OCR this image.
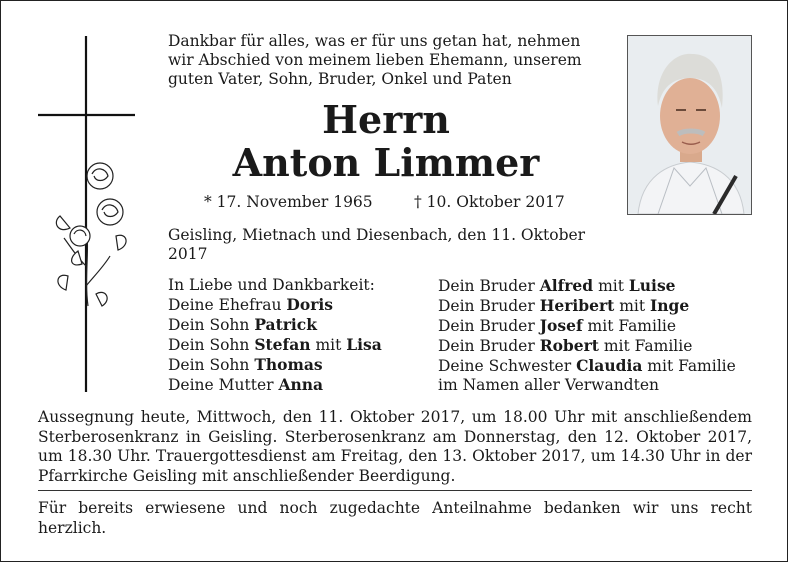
Dankbar für alles, was er für uns getan hat, nehmen wir Abschied von meinem lieben Ehemann, unserem guten Vater, Sohn, Bruder, Onkel und Paten
Herrn
Anton Limmer
* 17. November 1965	† 10. Oktober 2017
Geisling, Mietnach und Diesenbach, den 11. Oktober 2017
In Liebe und Dankbarkeit:
Deine Ehefrau Doris
Dein Sohn Patrick
Dein Sohn Stefan mit Lisa
Dein Sohn Thomas
Deine Mutter Anna
Dein Bruder Alfred mit Luise
Dein Bruder Heribert mit Inge
Dein Bruder Josef mit Familie
Dein Bruder Robert mit Familie
Deine Schwester Claudia mit Familie
im Namen aller Verwandten
Aussegnung heute, Mittwoch, den 11. Oktober 2017, um 18.00 Uhr mit anschließendem Sterberosenkranz in Geisling. Sterberosenkranz am Donnerstag, den 12. Oktober 2017, um 18.30 Uhr. Trauergottesdienst am Freitag, den 13. Oktober 2017, um 14.30 Uhr in der Pfarrkirche Geisling mit anschließender Beerdigung.
Für bereits erwiesene und noch zugedachte Anteilnahme bedanken wir uns recht herzlich.
